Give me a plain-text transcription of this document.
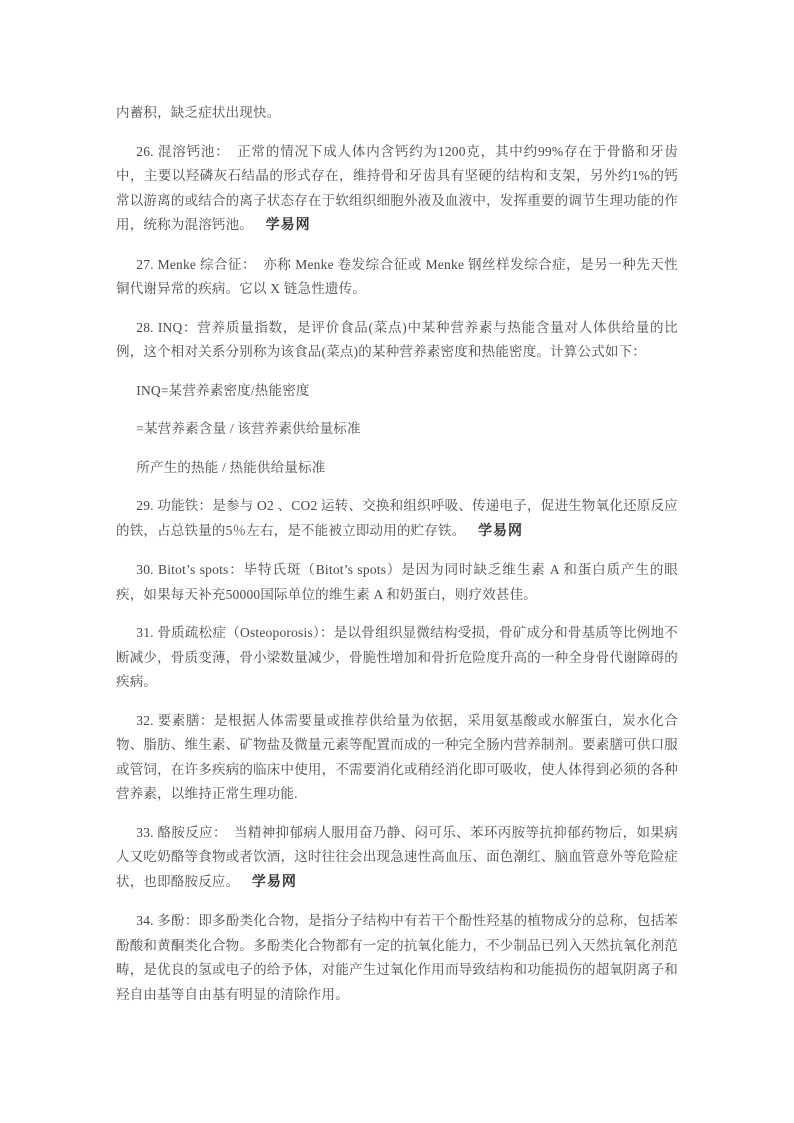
内蓄积，缺乏症状出现快。

26. 混溶钙池：　正常的情况下成人体内含钙约为1200克，其中约99%存在于骨骼和牙齿中，主要以羟磷灰石结晶的形式存在，维持骨和牙齿具有坚硬的结构和支架，另外约1%的钙常以游离的或结合的离子状态存在于软组织细胞外液及血液中，发挥重要的调节生理功能的作用，统称为混溶钙池。 学易网

27. Menke 综合征：　亦称 Menke 卷发综合征或 Menke 钢丝样发综合症，是另一种先天性铜代谢异常的疾病。它以 X 链急性遗传。

28. INQ：营养质量指数，是评价食品(菜点)中某种营养素与热能含量对人体供给量的比例，这个相对关系分别称为该食品(菜点)的某种营养素密度和热能密度。计算公式如下：

INQ=某营养素密度/热能密度

=某营养素含量 / 该营养素供给量标准

所产生的热能 / 热能供给量标准

29. 功能铁：是参与 O2 、CO2 运转、交换和组织呼吸、传递电子，促进生物氧化还原反应的铁，占总铁量的5％左右，是不能被立即动用的贮存铁。 学易网

30. Bitot’s spots：毕特氏斑（Bitot’s spots）是因为同时缺乏维生素 A 和蛋白质产生的眼疾，如果每天补充50000国际单位的维生素 A 和奶蛋白，则疗效甚佳。

31. 骨质疏松症（Osteoporosis）：是以骨组织显微结构受损，骨矿成分和骨基质等比例地不断减少，骨质变薄，骨小梁数量减少，骨脆性增加和骨折危险度升高的一种全身骨代谢障碍的疾病。

32. 要素膳：是根据人体需要量或推荐供给量为依据，采用氨基酸或水解蛋白，炭水化合物、脂肪、维生素、矿物盐及微量元素等配置而成的一种完全肠内营养制剂。要素膳可供口服或管饲，在许多疾病的临床中使用，不需要消化或稍经消化即可吸收，使人体得到必须的各种营养素，以维持正常生理功能.

33. 酪胺反应：　当精神抑郁病人服用奋乃静、闷可乐、苯环丙胺等抗抑郁药物后，如果病人又吃奶酪等食物或者饮酒，这时往往会出现急速性高血压、面色潮红、脑血管意外等危险症状，也即酪胺反应。 学易网

34. 多酚：即多酚类化合物，是指分子结构中有若干个酚性羟基的植物成分的总称，包括苯酚酸和黄酮类化合物。多酚类化合物都有一定的抗氧化能力，不少制品已列入天然抗氧化剂范畴，是优良的氢或电子的给予体，对能产生过氧化作用而导致结构和功能损伤的超氧阴离子和羟自由基等自由基有明显的清除作用。
